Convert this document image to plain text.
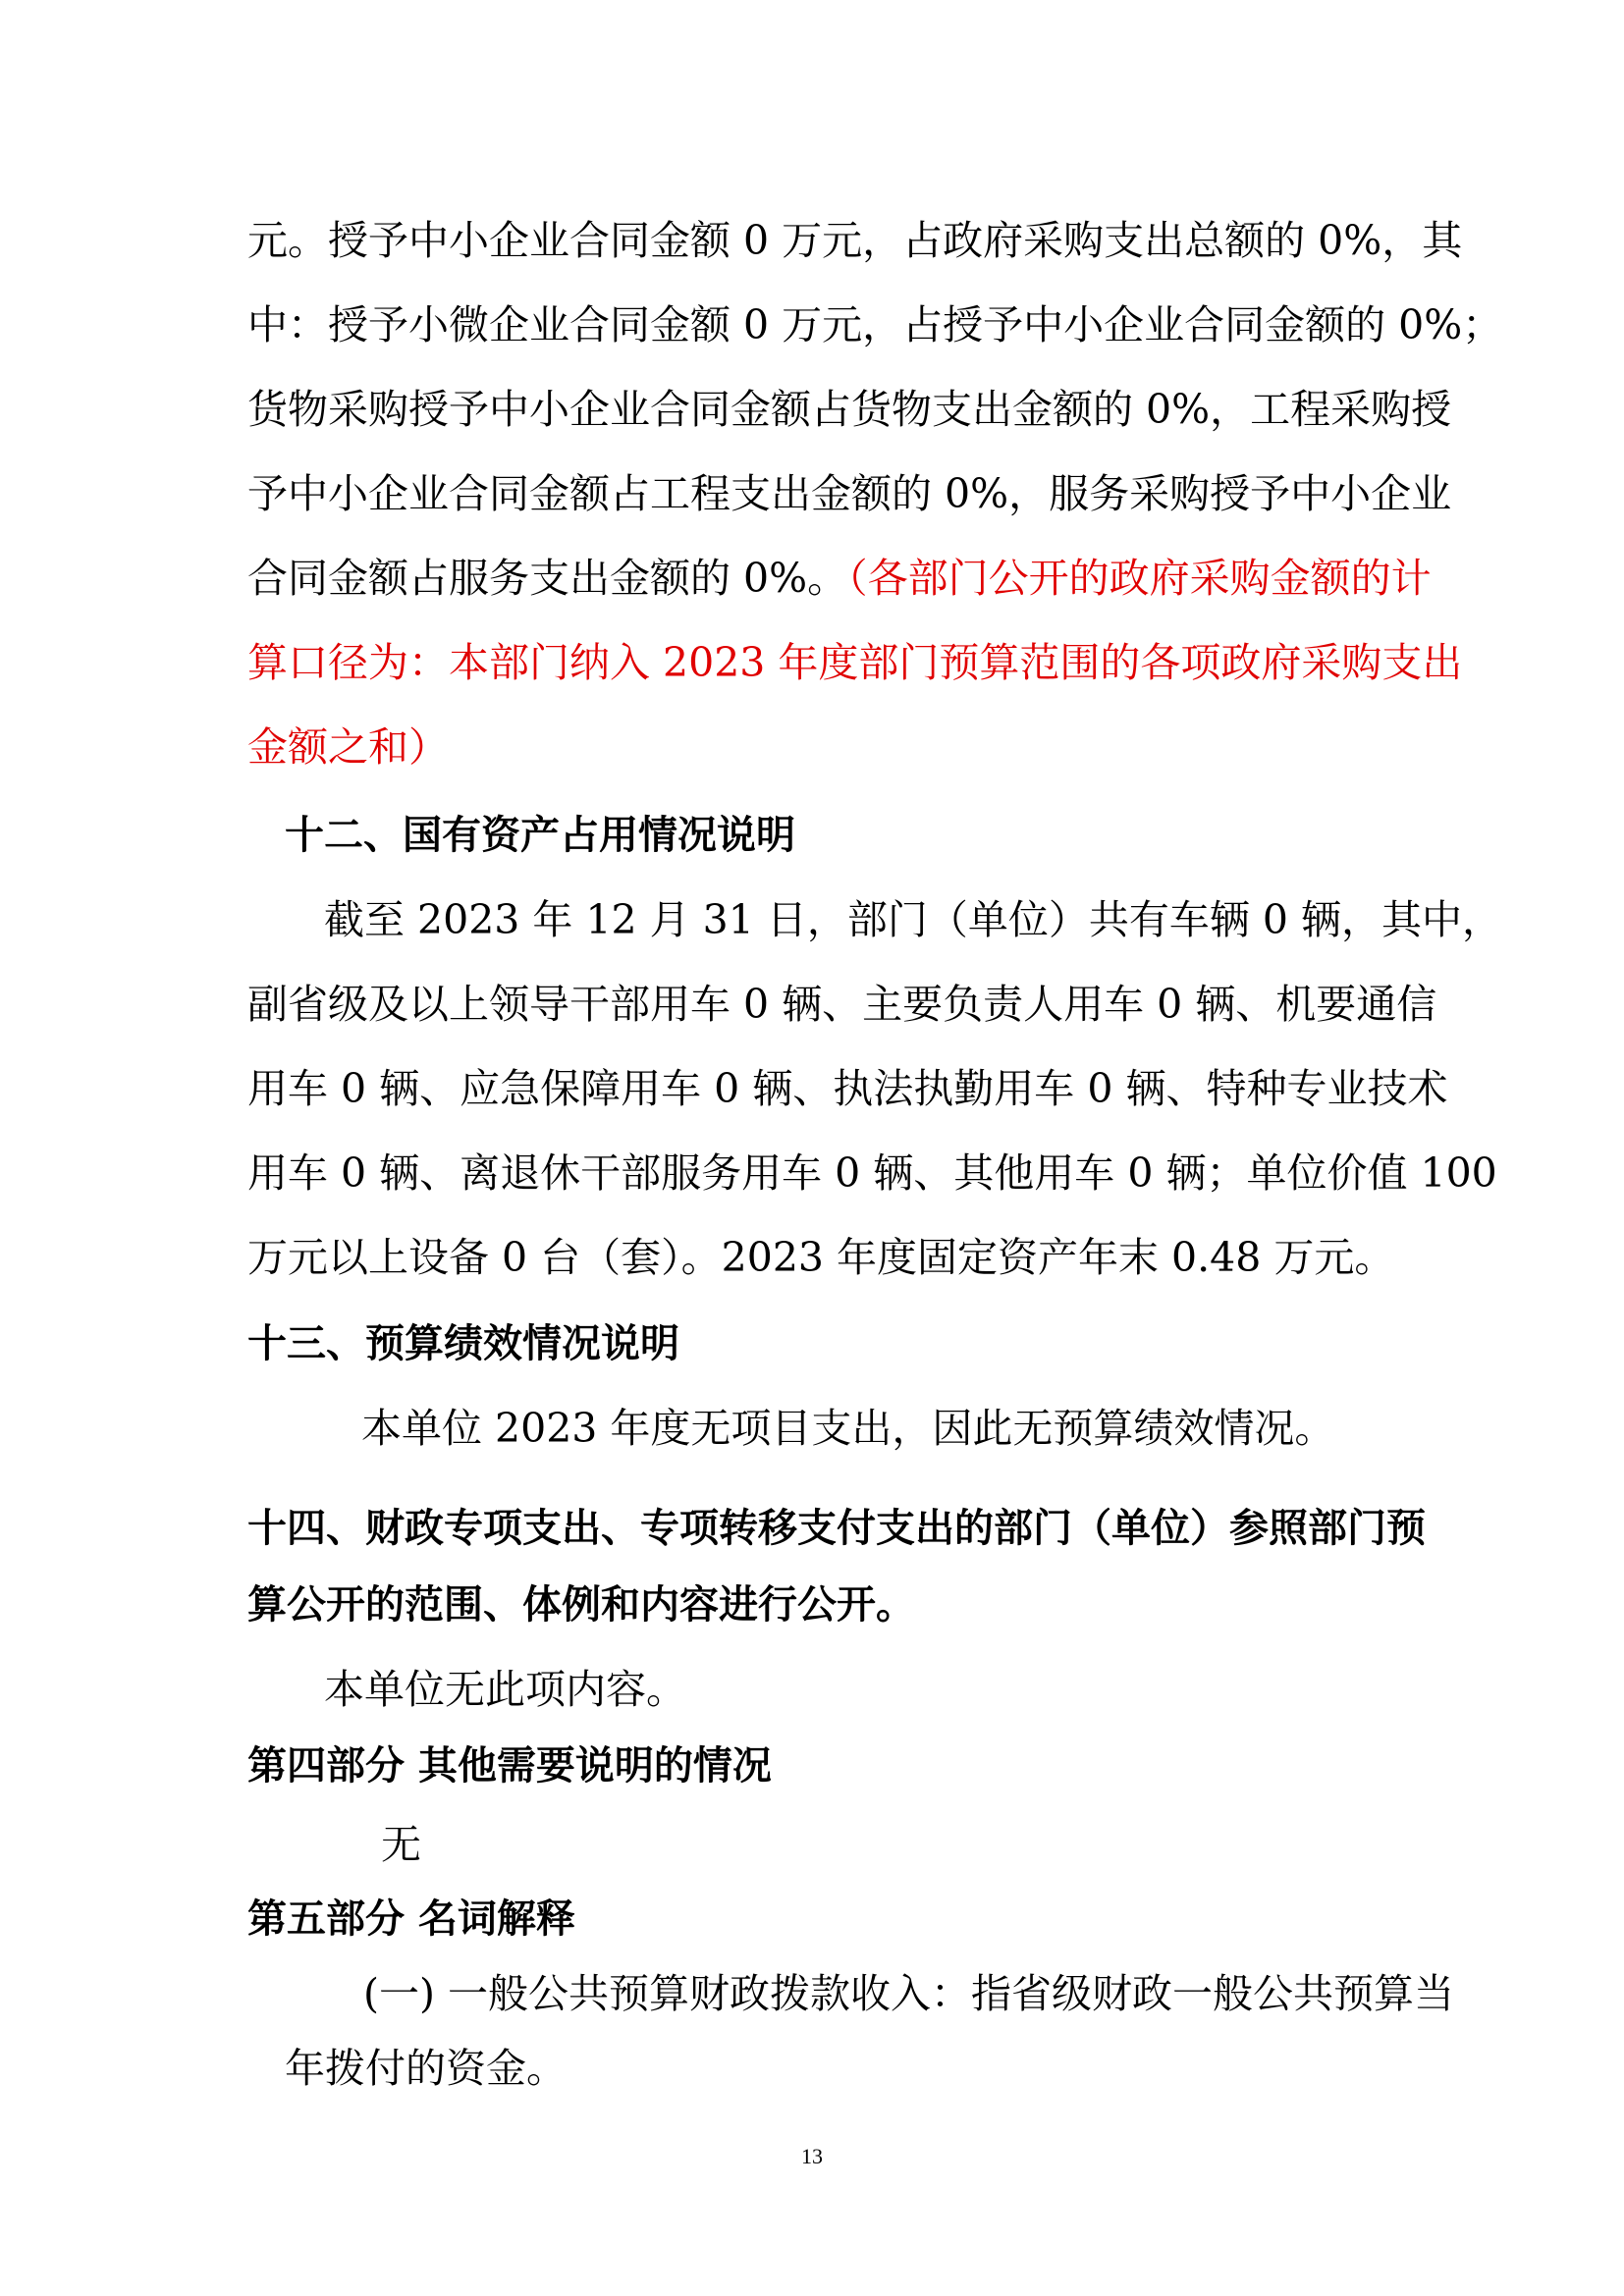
元。授予中小企业合同金额 0 万元，占政府采购支出总额的 0%，其
中：授予小微企业合同金额 0 万元，占授予中小企业合同金额的 0%；
货物采购授予中小企业合同金额占货物支出金额的 0%，工程采购授
予中小企业合同金额占工程支出金额的 0%，服务采购授予中小企业
合同金额占服务支出金额的 0%。（各部门公开的政府采购金额的计
算口径为：本部门纳入 2023 年度部门预算范围的各项政府采购支出
金额之和）
十二、国有资产占用情况说明
截至 2023 年 12 月 31 日，部门（单位）共有车辆 0 辆，其中，
副省级及以上领导干部用车 0 辆、主要负责人用车 0 辆、机要通信
用车 0 辆、应急保障用车 0 辆、执法执勤用车 0 辆、特种专业技术
用车 0 辆、离退休干部服务用车 0 辆、其他用车 0 辆；单位价值 100
万元以上设备 0 台（套）。2023 年度固定资产年末 0.48 万元。
十三、预算绩效情况说明
本单位 2023 年度无项目支出，因此无预算绩效情况。
十四、财政专项支出、专项转移支付支出的部门（单位）参照部门预
算公开的范围、体例和内容进行公开。
本单位无此项内容。
第四部分 其他需要说明的情况
无
第五部分 名词解释
(一) 一般公共预算财政拨款收入：指省级财政一般公共预算当
年拨付的资金。
13
